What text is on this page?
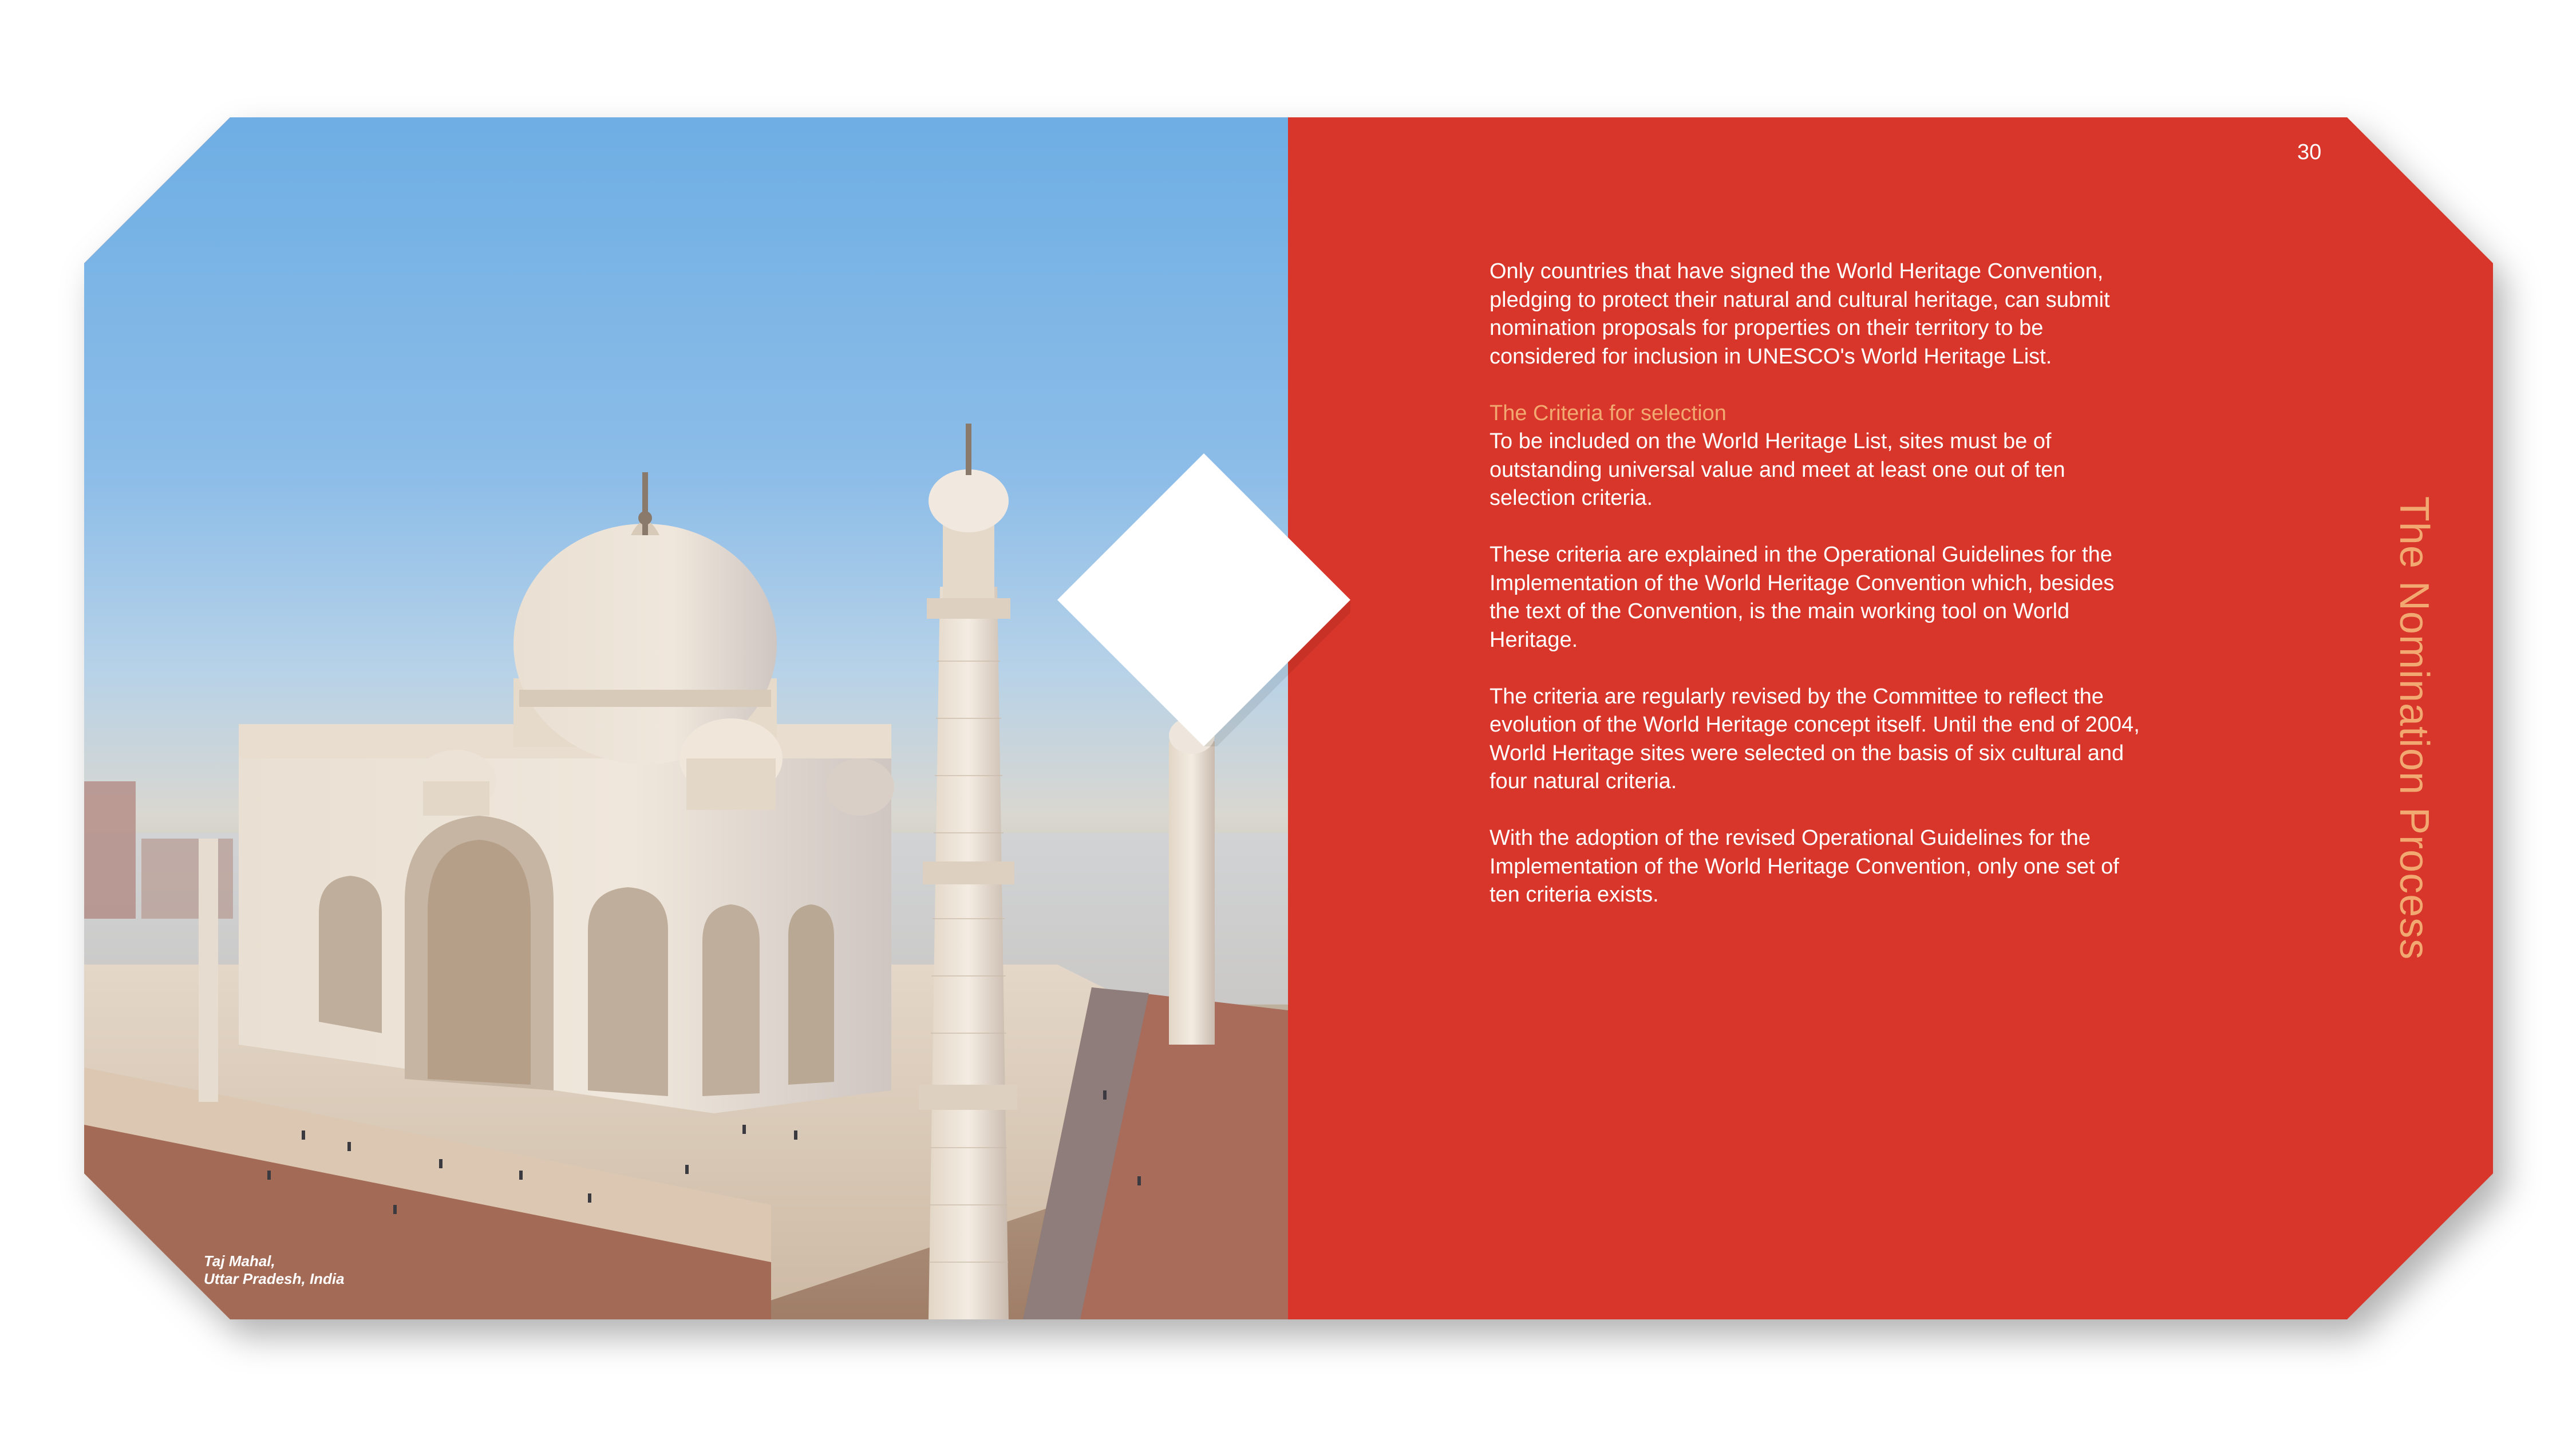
29	30
Taj Mahal,
Uttar Pradesh, India

Only countries that have signed the World Heritage Convention, pledging to protect their natural and cultural heritage, can submit nomination proposals for properties on their territory to be considered for inclusion in UNESCO's World Heritage List.

The Criteria for selection
To be included on the World Heritage List, sites must be of outstanding universal value and meet at least one out of ten selection criteria.

These criteria are explained in the Operational Guidelines for the Implementation of the World Heritage Convention which, besides the text of the Convention, is the main working tool on World Heritage.

The criteria are regularly revised by the Committee to reflect the evolution of the World Heritage concept itself. Until the end of 2004, World Heritage sites were selected on the basis of six cultural and four natural criteria.

With the adoption of the revised Operational Guidelines for the Implementation of the World Heritage Convention, only one set of ten criteria exists.	The Nomination Process
